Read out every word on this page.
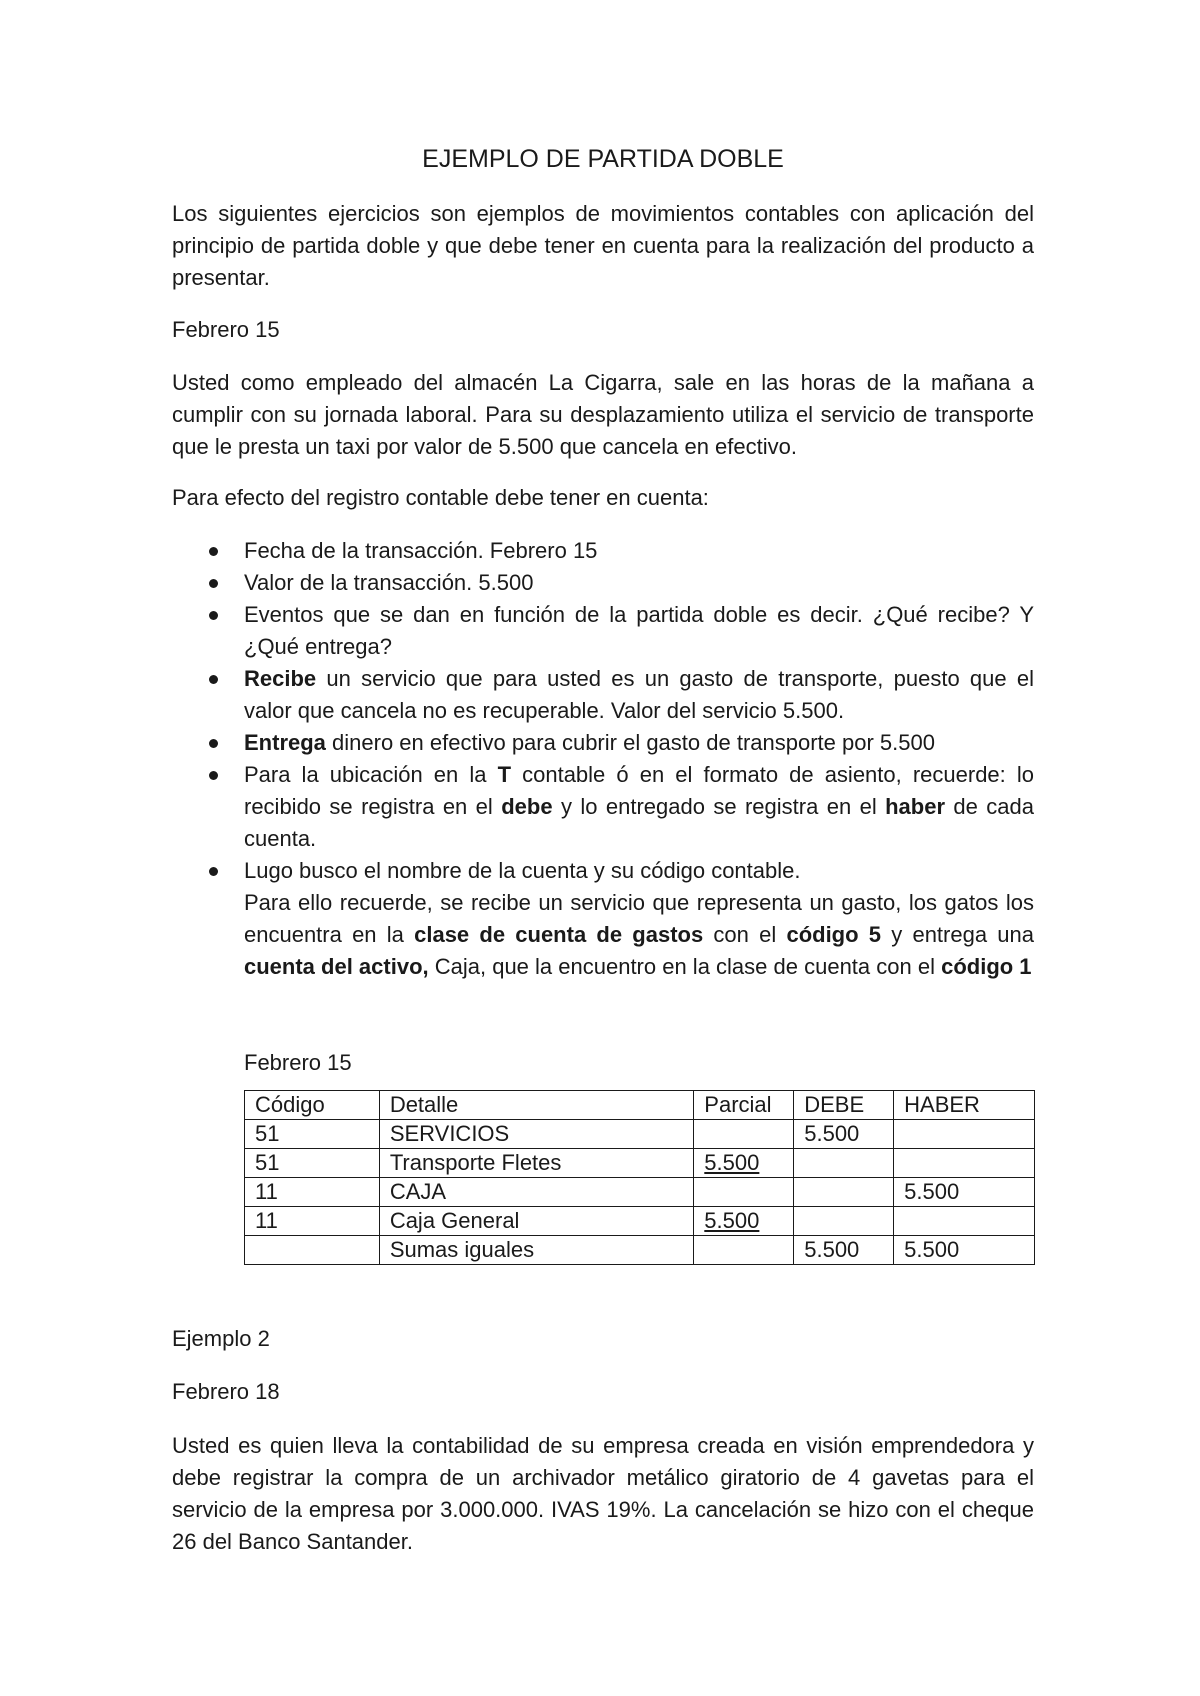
EJEMPLO DE PARTIDA DOBLE

Los siguientes ejercicios son ejemplos de movimientos contables con aplicación del principio de partida doble y que debe tener en cuenta para la realización del producto a presentar.

Febrero 15

Usted como empleado del almacén La Cigarra, sale en las horas de la mañana a cumplir con su jornada laboral. Para su desplazamiento utiliza el servicio de transporte que le presta un taxi por valor de 5.500 que cancela en efectivo.

Para efecto del registro contable debe tener en cuenta:

Fecha de la transacción. Febrero 15
Valor de la transacción. 5.500
Eventos que se dan en función de la partida doble es decir. ¿Qué recibe? Y ¿Qué entrega?
Recibe un servicio que para usted es un gasto de transporte, puesto que el valor que cancela no es recuperable. Valor del servicio 5.500.
Entrega dinero en efectivo para cubrir el gasto de transporte por 5.500
Para la ubicación en la T contable ó en el formato de asiento, recuerde: lo recibido se registra en el debe y lo entregado se registra en el haber de cada cuenta.
Lugo busco el nombre de la cuenta y su código contable.
Para ello recuerde, se recibe un servicio que representa un gasto, los gatos los encuentra en la clase de cuenta de gastos con el código 5 y entrega una cuenta del activo, Caja, que la encuentro en la clase de cuenta con el código 1

Febrero 15

Código	Detalle	Parcial	DEBE	HABER
51	SERVICIOS		5.500	
51	Transporte Fletes	5.500		
11	CAJA			5.500
11	Caja General	5.500		
	Sumas iguales		5.500	5.500

Ejemplo 2

Febrero 18

Usted es quien lleva la contabilidad de su empresa creada en visión emprendedora y debe registrar la compra de un archivador metálico giratorio de 4 gavetas para el servicio de la empresa por 3.000.000. IVAS 19%. La cancelación se hizo con el cheque 26 del Banco Santander.
